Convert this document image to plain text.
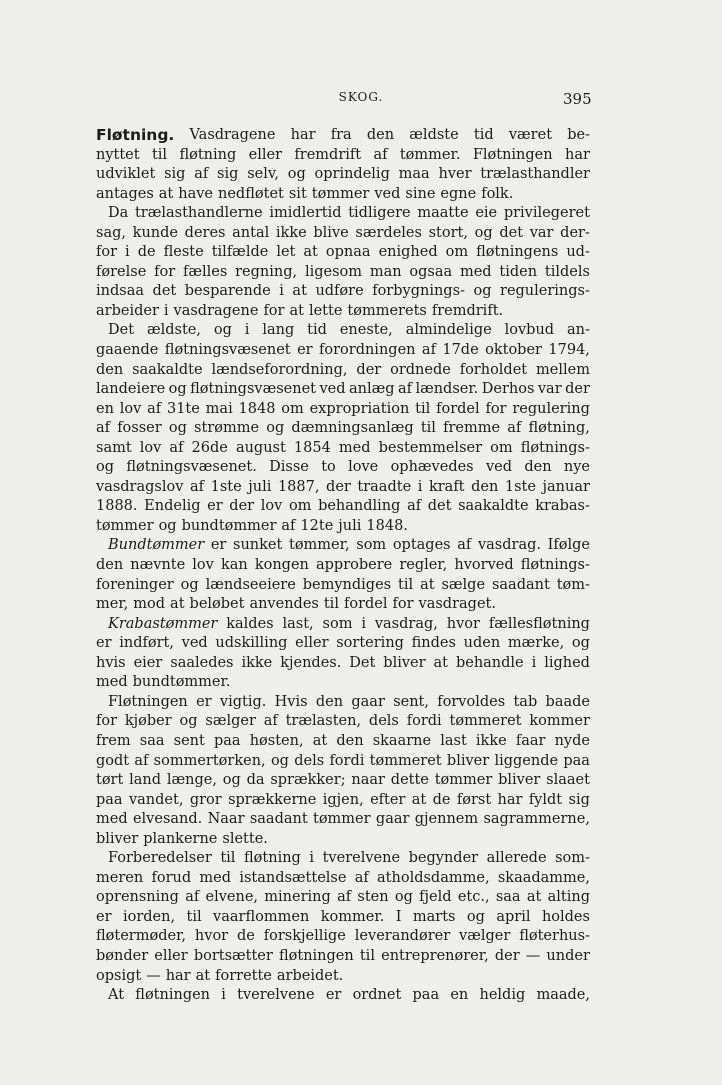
SKOG.	395
Fløtning. Vasdragene har fra den ældste tid været be-
nyttet til fløtning eller fremdrift af tømmer. Fløtningen har
udviklet sig af sig selv, og oprindelig maa hver trælasthandler
antages at have nedfløtet sit tømmer ved sine egne folk.
Da trælasthandlerne imidlertid tidligere maatte eie privilegeret
sag, kunde deres antal ikke blive særdeles stort, og det var der-
for i de fleste tilfælde let at opnaa enighed om fløtningens ud-
førelse for fælles regning, ligesom man ogsaa med tiden tildels
indsaa det besparende i at udføre forbygnings- og regulerings-
arbeider i vasdragene for at lette tømmerets fremdrift.
Det ældste, og i lang tid eneste, almindelige lovbud an-
gaaende fløtningsvæsenet er forordningen af 17de oktober 1794,
den saakaldte lændseforordning, der ordnede forholdet mellem
landeiere og fløtningsvæsenet ved anlæg af lændser. Derhos var der
en lov af 31te mai 1848 om expropriation til fordel for regulering
af fosser og strømme og dæmningsanlæg til fremme af fløtning,
samt lov af 26de august 1854 med bestemmelser om fløtnings-
og fløtningsvæsenet. Disse to love ophævedes ved den nye
vasdragslov af 1ste juli 1887, der traadte i kraft den 1ste januar
1888. Endelig er der lov om behandling af det saakaldte krabas-
tømmer og bundtømmer af 12te juli 1848.
Bundtømmer er sunket tømmer, som optages af vasdrag. Ifølge
den nævnte lov kan kongen approbere regler, hvorved fløtnings-
foreninger og lændseeiere bemyndiges til at sælge saadant tøm-
mer, mod at beløbet anvendes til fordel for vasdraget.
Krabastømmer kaldes last, som i vasdrag, hvor fællesfløtning
er indført, ved udskilling eller sortering findes uden mærke, og
hvis eier saaledes ikke kjendes. Det bliver at behandle i lighed
med bundtømmer.
Fløtningen er vigtig. Hvis den gaar sent, forvoldes tab baade
for kjøber og sælger af trælasten, dels fordi tømmeret kommer
frem saa sent paa høsten, at den skaarne last ikke faar nyde
godt af sommertørken, og dels fordi tømmeret bliver liggende paa
tørt land længe, og da sprækker; naar dette tømmer bliver slaaet
paa vandet, gror sprækkerne igjen, efter at de først har fyldt sig
med elvesand. Naar saadant tømmer gaar gjennem sagrammerne,
bliver plankerne slette.
Forberedelser til fløtning i tverelvene begynder allerede som-
meren forud med istandsættelse af atholdsdamme, skaadamme,
oprensning af elvene, minering af sten og fjeld etc., saa at alting
er iorden, til vaarflommen kommer. I marts og april holdes
fløtermøder, hvor de forskjellige leverandører vælger fløterhus-
bønder eller bortsætter fløtningen til entreprenører, der — under
opsigt — har at forrette arbeidet.
At fløtningen i tverelvene er ordnet paa en heldig maade,
